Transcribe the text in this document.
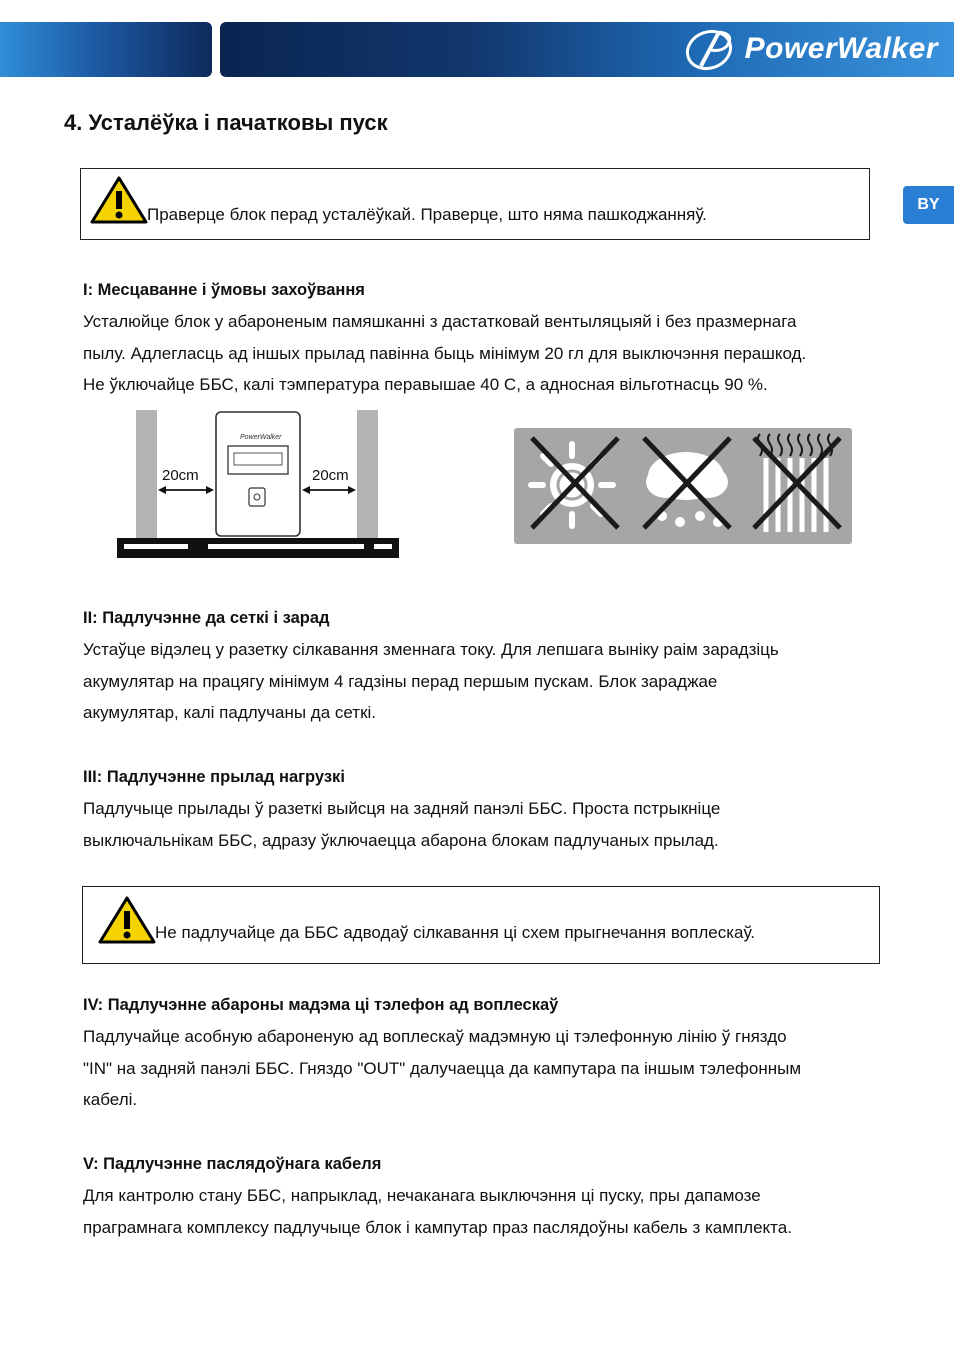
PowerWalker
BY
4. Усталёўка і пачатковы пуск
Праверце блок перад усталёўкай. Праверце, што няма пашкоджанняў.
I: Месцаванне і ўмовы захоўвання

Усталюйце блок у абароненым памяшканні з дастатковай вентыляцыяй і без празмернага

пылу. Адлегласць ад іншых прылад павінна быць мінімум 20 гл для выключэння перашкод.

Не ўключайце ББС, калі тэмпература перавышае 40 C, а адносная вільготнасць 90 %.

PowerWalker
20cm	20cm
II: Падлучэнне да сеткі і зарад

Устаўце відэлец у разетку сілкавання зменнага току. Для лепшага выніку раім зарадзіць

акумулятар на працягу мінімум 4 гадзіны перад першым пускам. Блок зараджае

акумулятар, калі падлучаны да сеткі.

III: Падлучэнне прылад нагрузкі

Падлучыце прылады ў разеткі выйсця на задняй панэлі ББС. Проста пстрыкніце

выключальнікам ББС, адразу ўключаецца абарона блокам падлучаных прылад.

Не падлучайце да ББС адводаў сілкавання ці схем прыгнечання воплескаў.
IV: Падлучэнне абароны мадэма ці тэлефон ад воплескаў

Падлучайце асобную абароненую ад воплескаў мадэмную ці тэлефонную лінію ў гняздо

"IN" на задняй панэлі ББС. Гняздо "OUT" далучаецца да кампутара па іншым тэлефонным

кабелі.

V: Падлучэнне паслядоўнага кабеля

Для кантролю стану ББС, напрыклад, нечаканага выключэння ці пуску, пры дапамозе

праграмнага комплексу падлучыце блок і кампутар праз паслядоўны кабель з камплекта.
